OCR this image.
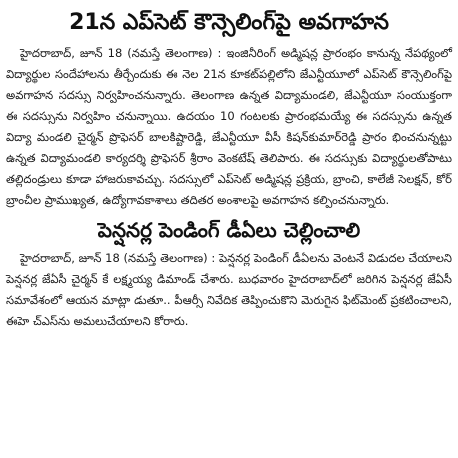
21న ఎప్‌సెట్ కౌన్సెలింగ్‌పై అవగాహన

హైదరాబాద్, జూన్ 18 (నమస్తే తెలంగాణ) : ఇంజినీరింగ్ అడ్మిషన్ల ప్రారంభం కానున్న నేపథ్యంలో విద్యార్థుల సందేహాలను తీర్చేందుకు ఈ నెల 21న కూకట్‌పల్లిలోని జేఎన్టీయూలో ఎప్‌సెట్ కౌన్సెలింగ్‌పై అవగాహన సదస్సు నిర్వహించనున్నారు. తెలంగాణ ఉన్నత విద్యామండలి, జేఎన్టీయూ సంయుక్తంగా ఈ సదస్సును నిర్వహిం చనున్నాయి. ఉదయం 10 గంటలకు ప్రారంభమయ్యే ఈ సదస్సును ఉన్నత విద్యా మండలి చైర్మన్ ప్రొఫెసర్ బాలకిష్టారెడ్డి, జేఎన్టీయూ వీసీ కిషన్‌కుమార్‌రెడ్డి ప్రారం భించనున్నట్టు ఉన్నత విద్యామండలి కార్యదర్శి ప్రొఫెసర్ శ్రీరాం వెంకటేష్ తెలిపారు. ఈ సదస్సుకు విద్యార్థులతోపాటు తల్లిదండ్రులు కూడా హాజరుకావచ్చు. సదస్సులో ఎప్‌సెట్ అడ్మిషన్ల ప్రక్రియ, బ్రాంచి, కాలేజీ సెలక్షన్, కోర్ బ్రాంచీల ప్రాముఖ్యత, ఉద్యోగావకాశాలు తదితర అంశాలపై అవగాహన కల్పించనున్నారు.

పెన్షనర్ల పెండింగ్ డీఏలు చెల్లించాలి

హైదరాబాద్, జూన్ 18 (నమస్తే తెలంగాణ) : పెన్షనర్ల పెండింగ్ డీఏలను వెంటనే విడుదల చేయాలని పెన్షనర్ల జేఏసీ చైర్మన్ కే లక్ష్మయ్య డిమాండ్ చేశారు. బుధవారం హైదరాబాద్‌లో జరిగిన పెన్షనర్ల జేఏసీ సమావేశంలో ఆయన మాట్లా డుతూ.. పీఆర్సీ నివేదిక తెప్పించుకొని మెరుగైన ఫిట్‌మెంట్ ప్రకటించాలని, ఈహె చ్ఎస్‌ను అమలుచేయాలని కోరారు.
